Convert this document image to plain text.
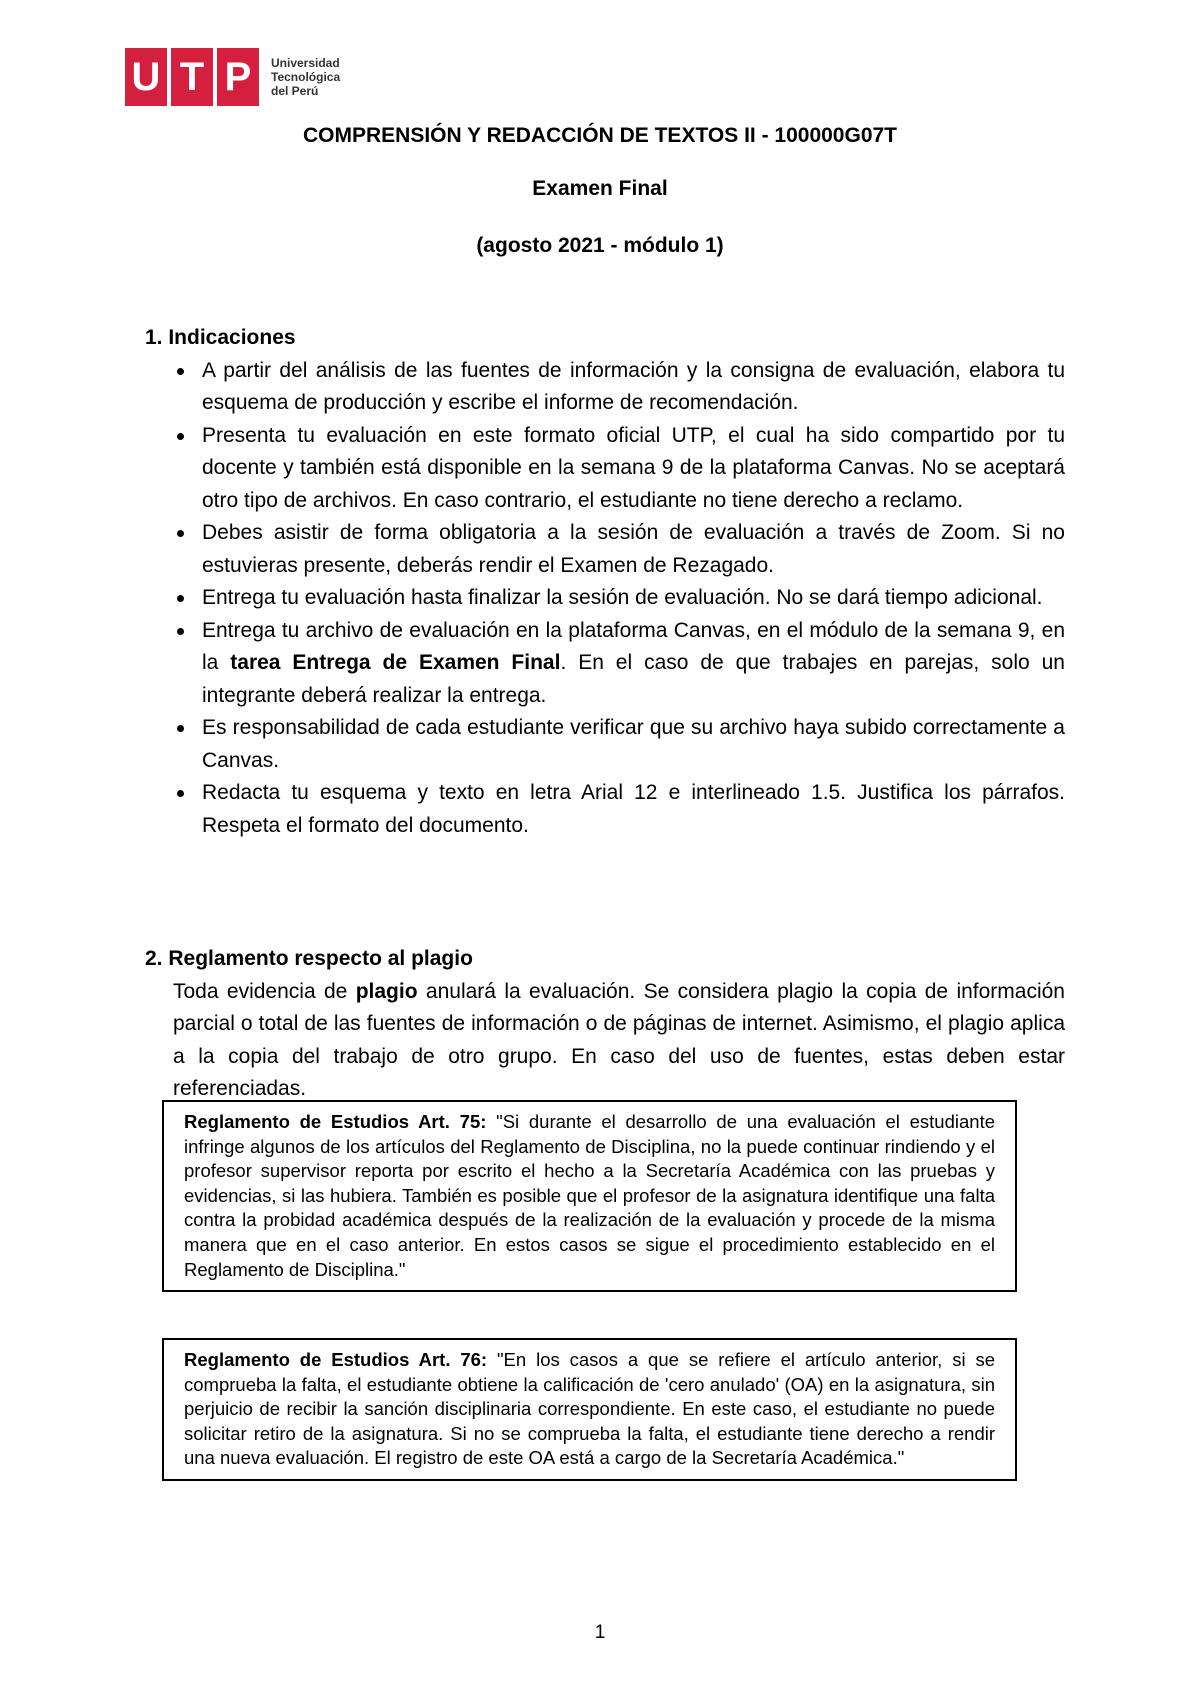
U T P	Universidad
Tecnológica
del Perú
COMPRENSIÓN Y REDACCIÓN DE TEXTOS II - 100000G07T
Examen Final
(agosto 2021 - módulo 1)
1. Indicaciones
A partir del análisis de las fuentes de información y la consigna de evaluación, elabora tu esquema de producción y escribe el informe de recomendación.
Presenta tu evaluación en este formato oficial UTP, el cual ha sido compartido por tu docente y también está disponible en la semana 9 de la plataforma Canvas. No se aceptará otro tipo de archivos. En caso contrario, el estudiante no tiene derecho a reclamo.
Debes asistir de forma obligatoria a la sesión de evaluación a través de Zoom. Si no estuvieras presente, deberás rendir el Examen de Rezagado.
Entrega tu evaluación hasta finalizar la sesión de evaluación. No se dará tiempo adicional.
Entrega tu archivo de evaluación en la plataforma Canvas, en el módulo de la semana 9, en la tarea Entrega de Examen Final. En el caso de que trabajes en parejas, solo un integrante deberá realizar la entrega.
Es responsabilidad de cada estudiante verificar que su archivo haya subido correctamente a Canvas.
Redacta tu esquema y texto en letra Arial 12 e interlineado 1.5. Justifica los párrafos. Respeta el formato del documento.
2. Reglamento respecto al plagio
Toda evidencia de plagio anulará la evaluación. Se considera plagio la copia de información parcial o total de las fuentes de información o de páginas de internet. Asimismo, el plagio aplica a la copia del trabajo de otro grupo. En caso del uso de fuentes, estas deben estar referenciadas.
Reglamento de Estudios Art. 75: "Si durante el desarrollo de una evaluación el estudiante infringe algunos de los artículos del Reglamento de Disciplina, no la puede continuar rindiendo y el profesor supervisor reporta por escrito el hecho a la Secretaría Académica con las pruebas y evidencias, si las hubiera. También es posible que el profesor de la asignatura identifique una falta contra la probidad académica después de la realización de la evaluación y procede de la misma manera que en el caso anterior. En estos casos se sigue el procedimiento establecido en el Reglamento de Disciplina."
Reglamento de Estudios Art. 76: "En los casos a que se refiere el artículo anterior, si se comprueba la falta, el estudiante obtiene la calificación de 'cero anulado' (OA) en la asignatura, sin perjuicio de recibir la sanción disciplinaria correspondiente. En este caso, el estudiante no puede solicitar retiro de la asignatura. Si no se comprueba la falta, el estudiante tiene derecho a rendir una nueva evaluación. El registro de este OA está a cargo de la Secretaría Académica."
1
